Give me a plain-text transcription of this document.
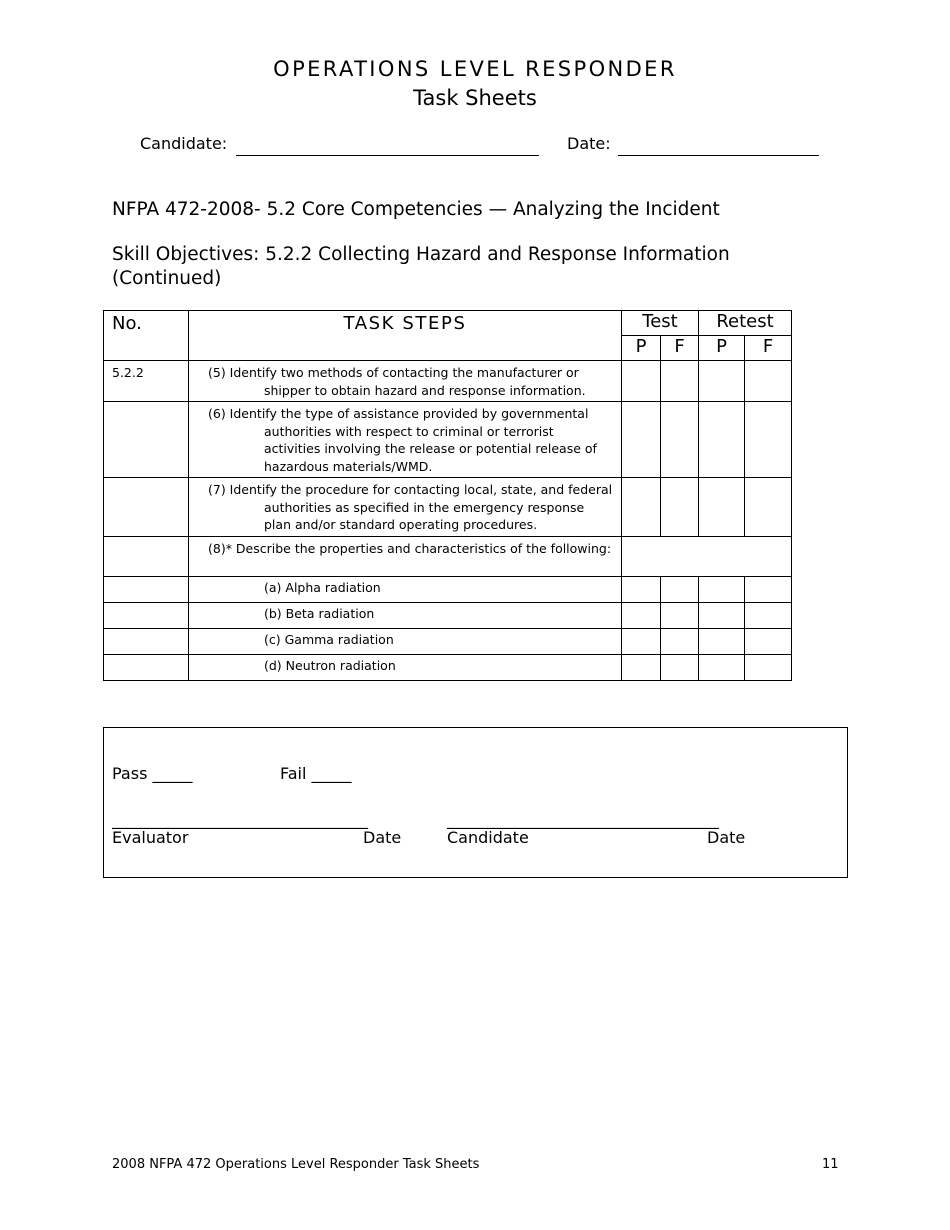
OPERATIONS LEVEL RESPONDER
Task Sheets
Candidate:	Date:
NFPA 472-2008- 5.2 Core Competencies — Analyzing the Incident
Skill Objectives: 5.2.2 Collecting Hazard and Response Information
(Continued)
No.	TASK STEPS	Test		Retest	
		P	F	P	F
5.2.2	(5) Identify two methods of contacting the manufacturer or shipper to obtain hazard and response information.				
	(6) Identify the type of assistance provided by governmental authorities with respect to criminal or terrorist activities involving the release or potential release of hazardous materials/WMD.				
	(7) Identify the procedure for contacting local, state, and federal authorities as specified in the emergency response plan and/or standard operating procedures.				
	(8)* Describe the properties and characteristics of the following:				
	(a) Alpha radiation				
	(b) Beta radiation				
	(c) Gamma radiation				
	(d) Neutron radiation				
Pass _____	Fail _____
________________________________	__________________________________
Evaluator	Date	Candidate	Date
2008 NFPA 472 Operations Level Responder Task Sheets	11
